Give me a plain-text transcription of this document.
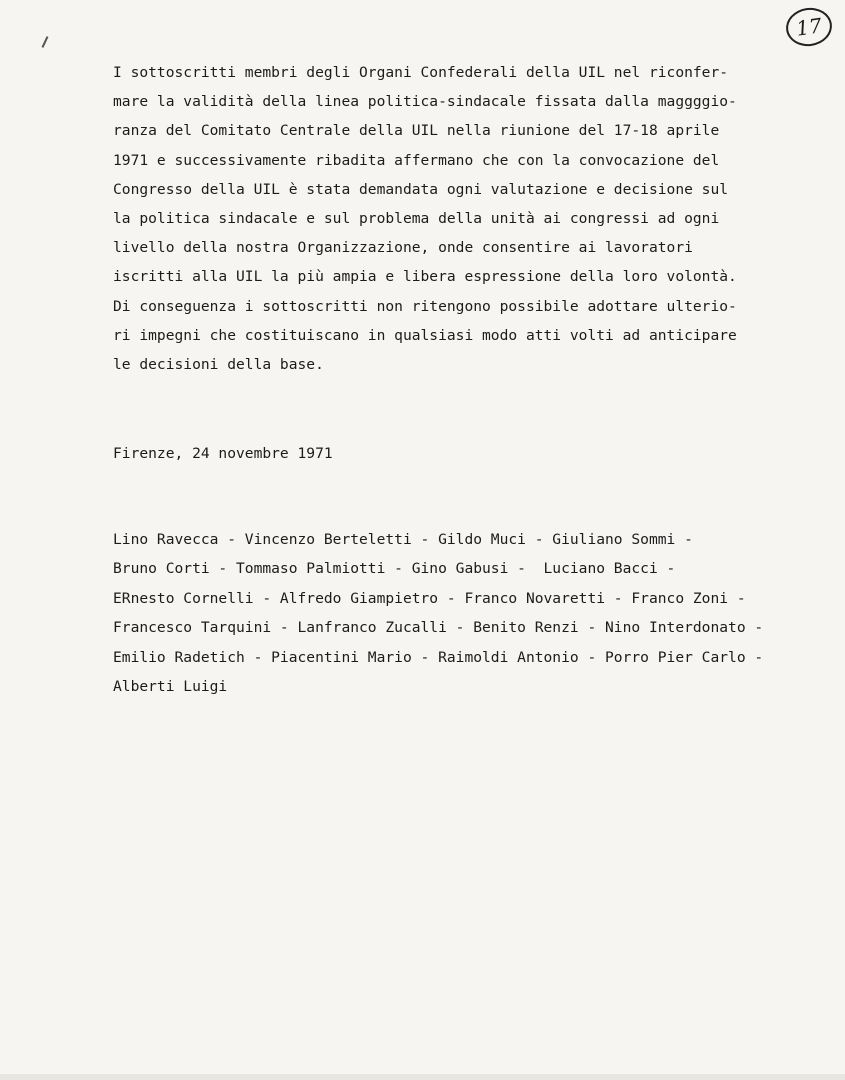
17
I sottoscritti membri degli Organi Confederali della UIL nel riconfer-
mare la validità della linea politica-sindacale fissata dalla maggggio-
ranza del Comitato Centrale della UIL nella riunione del 17-18 aprile
1971 e successivamente ribadita affermano che con la convocazione del
Congresso della UIL è stata demandata ogni valutazione e decisione sul
la politica sindacale e sul problema della unità ai congressi ad ogni
livello della nostra Organizzazione, onde consentire ai lavoratori
iscritti alla UIL la più ampia e libera espressione della loro volontà.
Di conseguenza i sottoscritti non ritengono possibile adottare ulterio-
ri impegni che costituiscano in qualsiasi modo atti volti ad anticipare
le decisioni della base.
Firenze, 24 novembre 1971
Lino Ravecca - Vincenzo Berteletti - Gildo Muci - Giuliano Sommi -
Bruno Corti - Tommaso Palmiotti - Gino Gabusi -  Luciano Bacci -
ERnesto Cornelli - Alfredo Giampietro - Franco Novaretti - Franco Zoni -
Francesco Tarquini - Lanfranco Zucalli - Benito Renzi - Nino Interdonato -
Emilio Radetich - Piacentini Mario - Raimoldi Antonio - Porro Pier Carlo -
Alberti Luigi
